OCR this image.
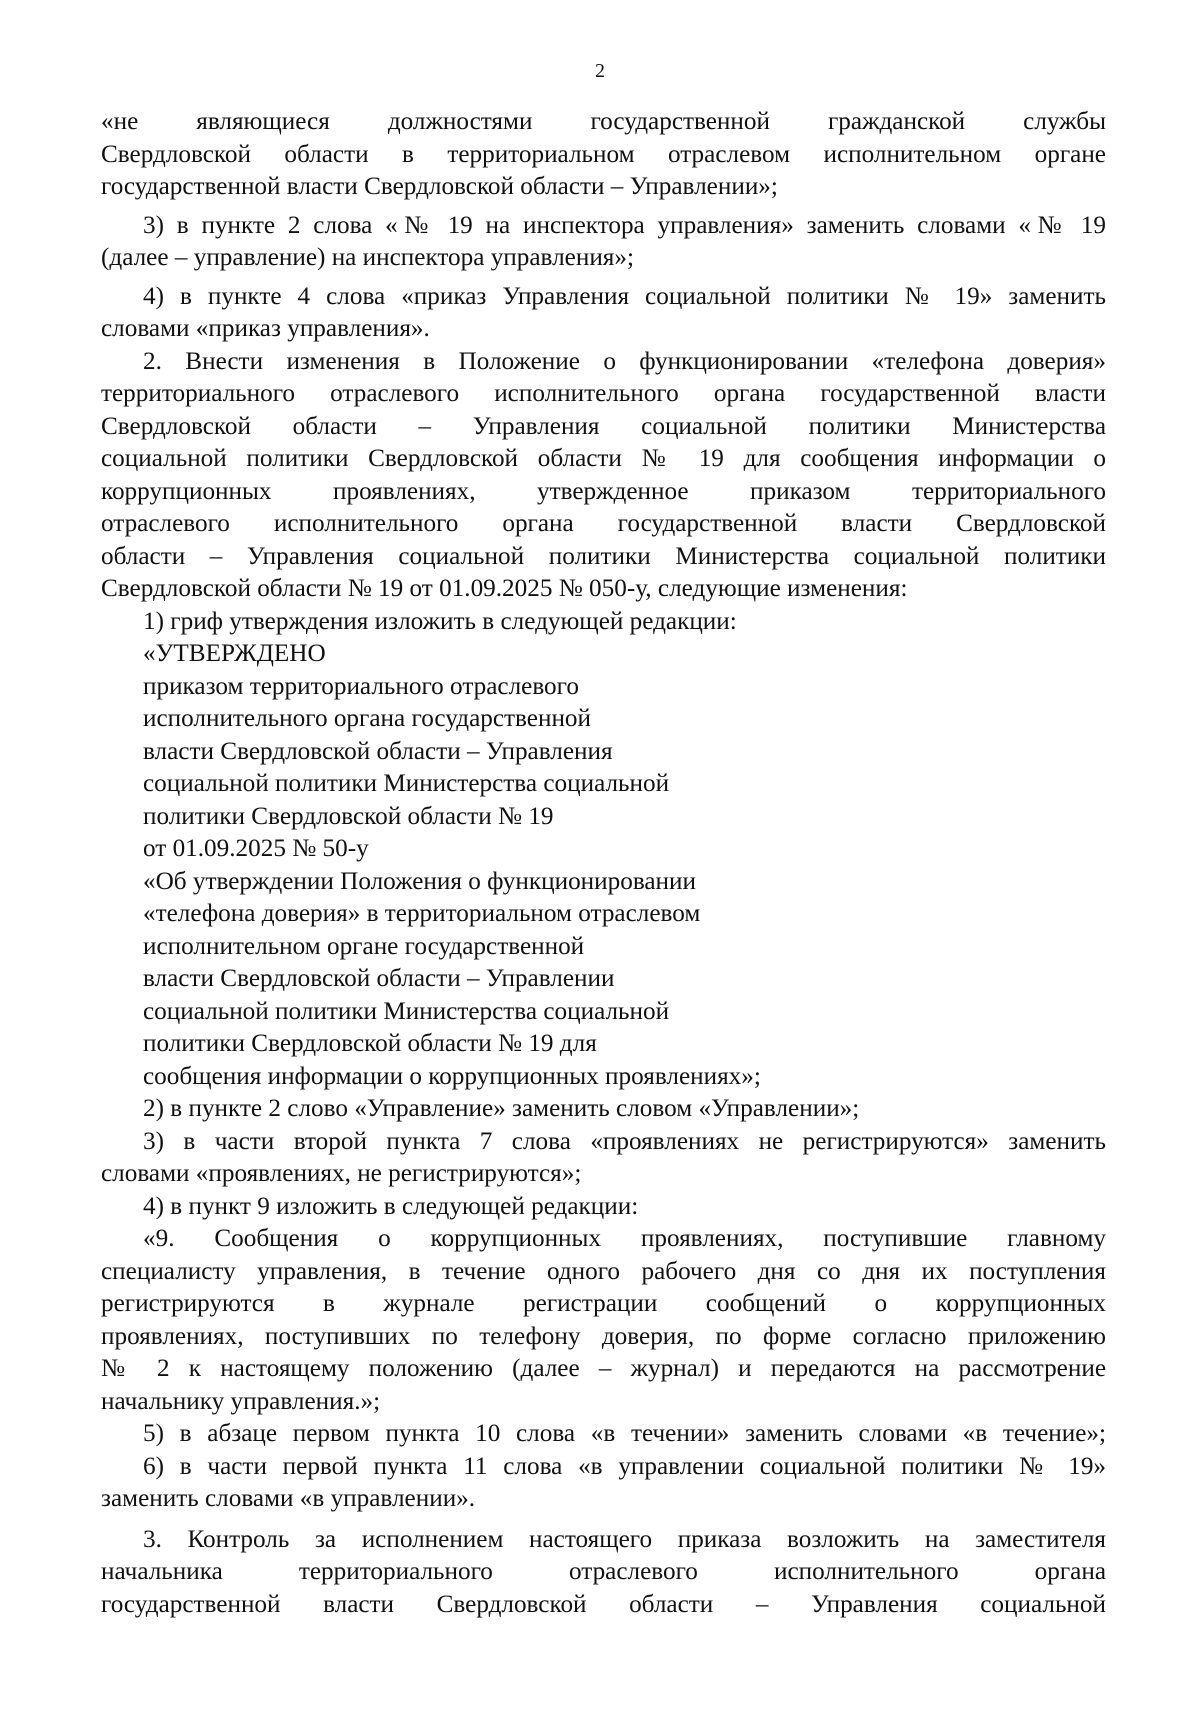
2

«не являющиеся должностями государственной гражданской службы

Свердловской области в территориальном отраслевом исполнительном органе

государственной власти Свердловской области – Управлении»;

3) в пункте 2 слова «№ 19 на инспектора управления» заменить словами «№ 19

(далее – управление) на инспектора управления»;

4) в пункте 4 слова «приказ Управления социальной политики № 19» заменить

словами «приказ управления».

2. Внести изменения в Положение о функционировании «телефона доверия»

территориального отраслевого исполнительного органа государственной власти

Свердловской области – Управления социальной политики Министерства

социальной политики Свердловской области № 19 для сообщения информации о

коррупционных проявлениях, утвержденное приказом территориального

отраслевого исполнительного органа государственной власти Свердловской

области – Управления социальной политики Министерства социальной политики

Свердловской области № 19 от 01.09.2025 № 050-у, следующие изменения:

1) гриф утверждения изложить в следующей редакции:

«УТВЕРЖДЕНО

приказом территориального отраслевого

исполнительного органа государственной

власти Свердловской области – Управления

социальной политики Министерства социальной

политики Свердловской области № 19

от 01.09.2025 № 50-у

«Об утверждении Положения о функционировании

«телефона доверия» в территориальном отраслевом

исполнительном органе государственной

власти Свердловской области – Управлении

социальной политики Министерства социальной

политики Свердловской области № 19 для

сообщения информации о коррупционных проявлениях»;

2) в пункте 2 слово «Управление» заменить словом «Управлении»;

3) в части второй пункта 7 слова «проявлениях не регистрируются» заменить

словами «проявлениях, не регистрируются»;

4) в пункт 9 изложить в следующей редакции:

«9. Сообщения о коррупционных проявлениях, поступившие главному

специалисту управления, в течение одного рабочего дня со дня их поступления

регистрируются в журнале регистрации сообщений о коррупционных

проявлениях, поступивших по телефону доверия, по форме согласно приложению

№ 2 к настоящему положению (далее – журнал) и передаются на рассмотрение

начальнику управления.»;

5) в абзаце первом пункта 10 слова «в течении» заменить словами «в течение»;

6) в части первой пункта 11 слова «в управлении социальной политики № 19»

заменить словами «в управлении».

3. Контроль за исполнением настоящего приказа возложить на заместителя

начальника территориального отраслевого исполнительного органа

государственной власти Свердловской области – Управления социальной
